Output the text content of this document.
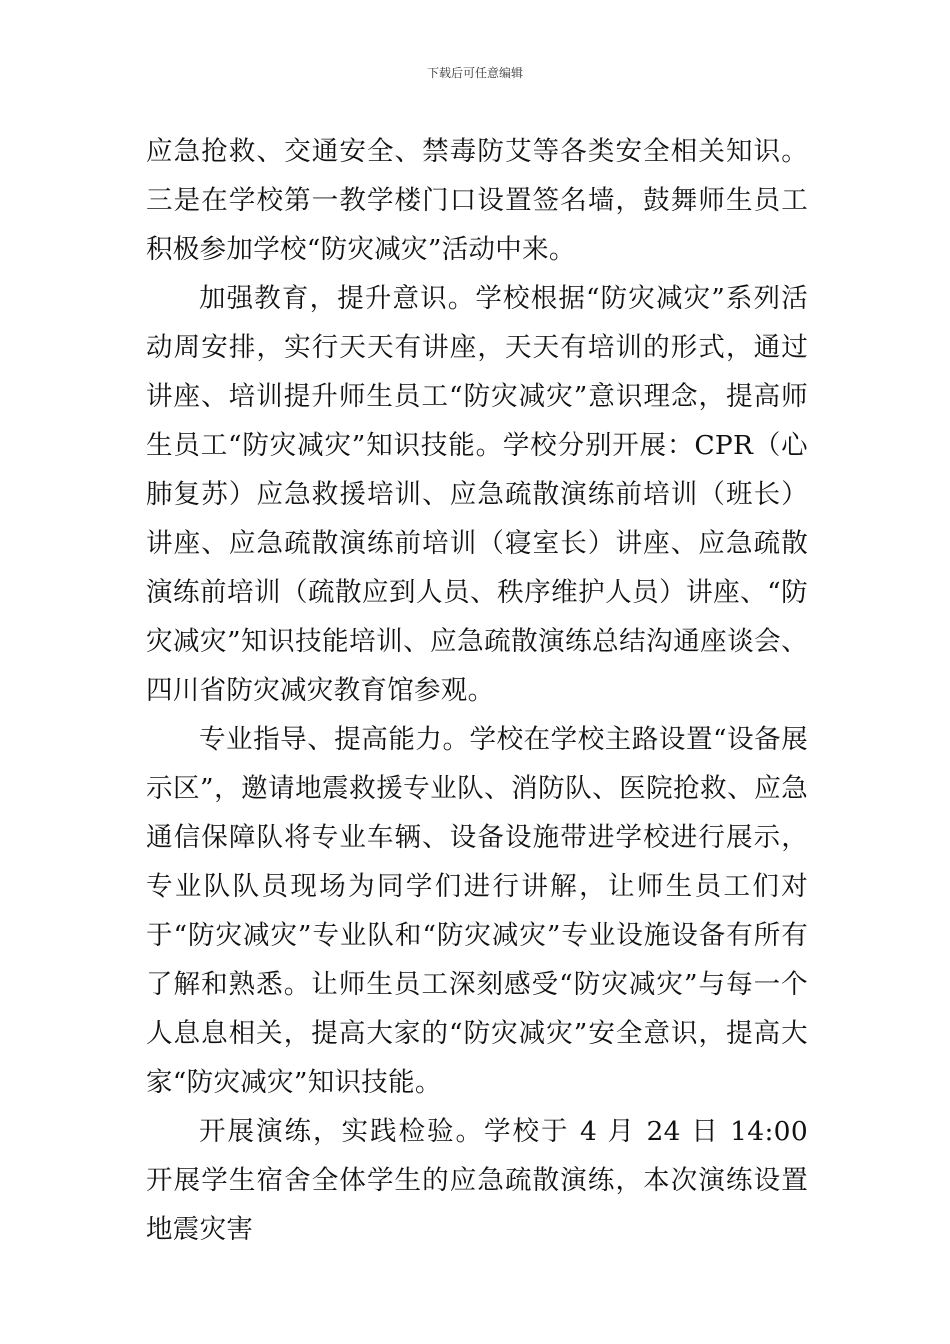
下载后可任意编辑

应急抢救、交通安全、禁毒防艾等各类安全相关知识。三是在学校第一教学楼门口设置签名墙，鼓舞师生员工积极参加学校“防灾减灾”活动中来。

加强教育，提升意识。学校根据“防灾减灾”系列活动周安排，实行天天有讲座，天天有培训的形式，通过讲座、培训提升师生员工“防灾减灾”意识理念，提高师生员工“防灾减灾”知识技能。学校分别开展：CPR（心肺复苏）应急救援培训、应急疏散演练前培训（班长）讲座、应急疏散演练前培训（寝室长）讲座、应急疏散演练前培训（疏散应到人员、秩序维护人员）讲座、“防灾减灾”知识技能培训、应急疏散演练总结沟通座谈会、四川省防灾减灾教育馆参观。

专业指导、提高能力。学校在学校主路设置“设备展示区”，邀请地震救援专业队、消防队、医院抢救、应急通信保障队将专业车辆、设备设施带进学校进行展示，专业队队员现场为同学们进行讲解，让师生员工们对于“防灾减灾”专业队和“防灾减灾”专业设施设备有所有了解和熟悉。让师生员工深刻感受“防灾减灾”与每一个人息息相关，提高大家的“防灾减灾”安全意识，提高大家“防灾减灾”知识技能。

开展演练，实践检验。学校于 4 月 24 日 14:00 开展学生宿舍全体学生的应急疏散演练，本次演练设置地震灾害
